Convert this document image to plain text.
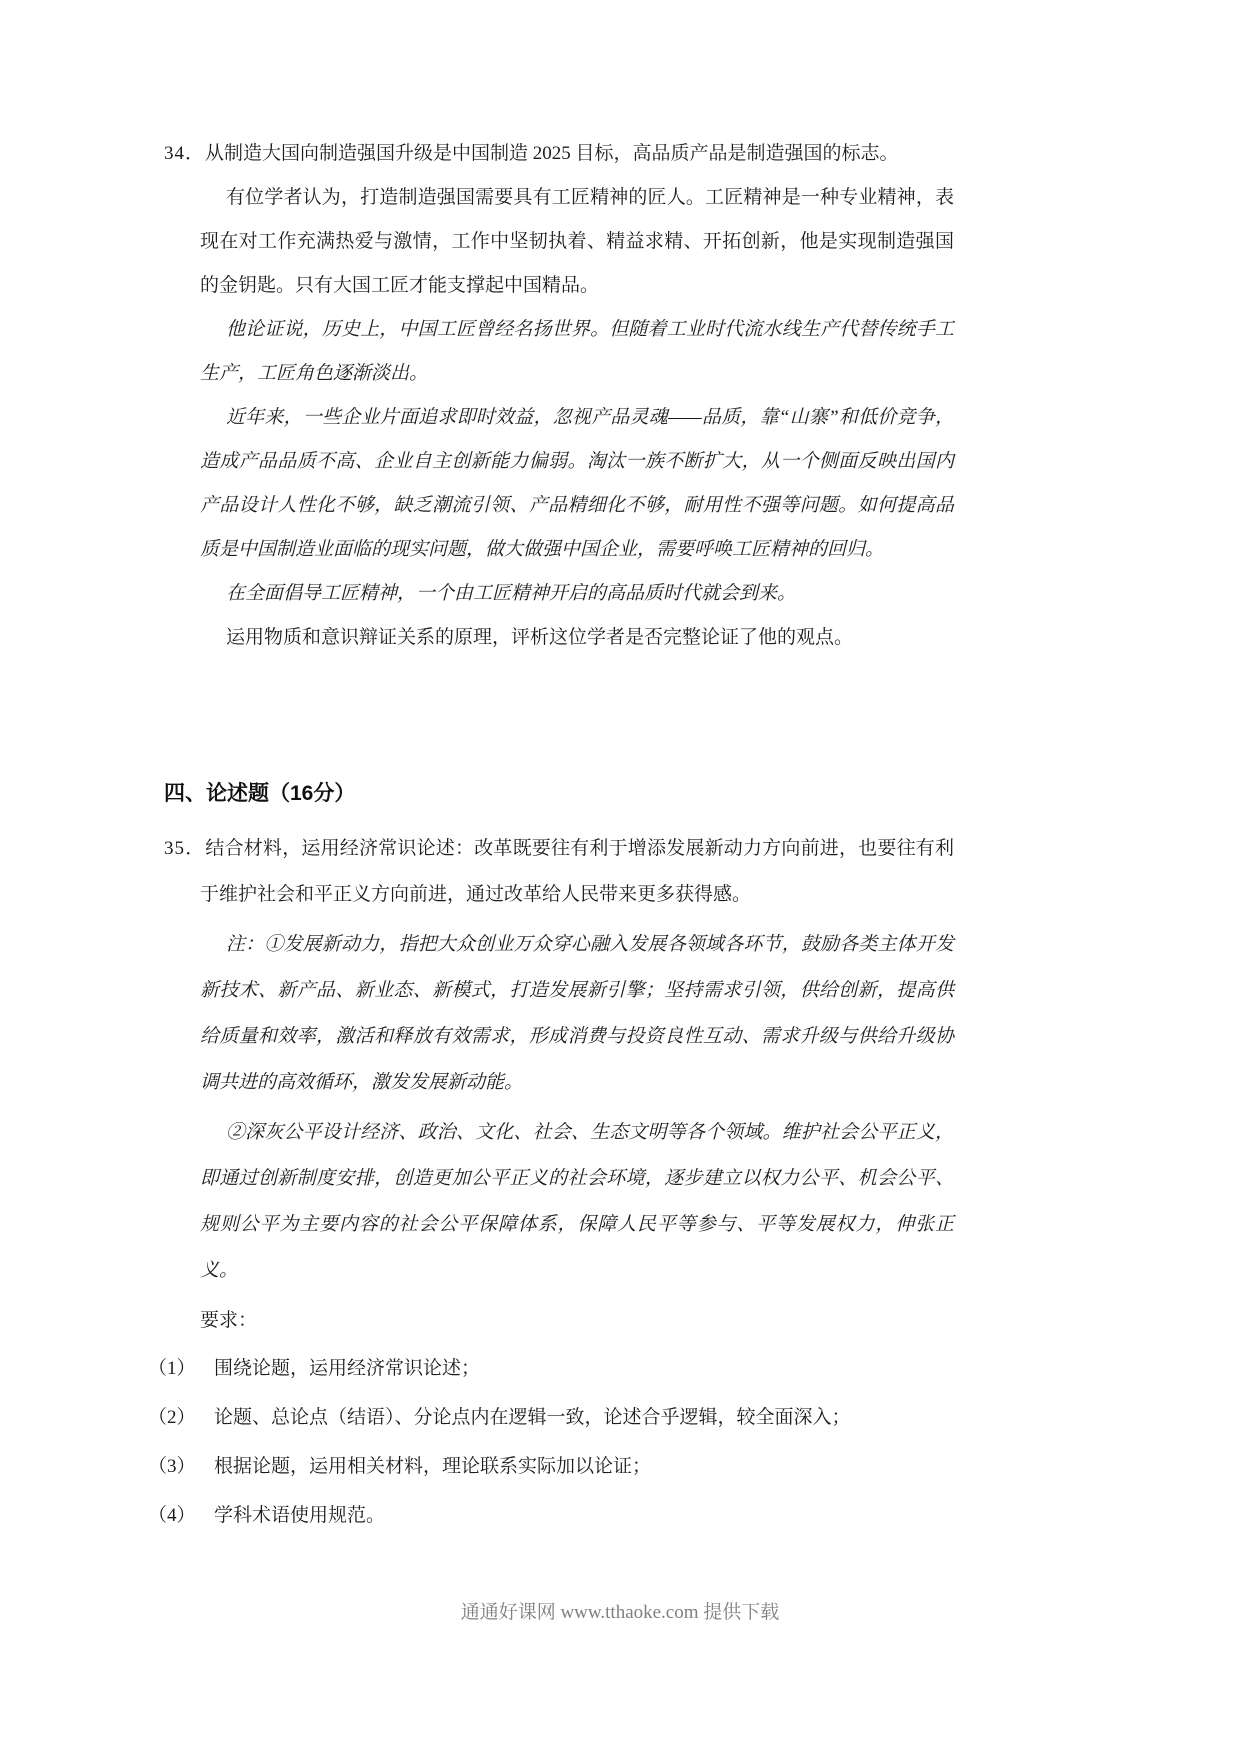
34．从制造大国向制造强国升级是中国制造 2025 目标，高品质产品是制造强国的标志。

有位学者认为，打造制造强国需要具有工匠精神的匠人。工匠精神是一种专业精神，表现在对工作充满热爱与激情，工作中坚韧执着、精益求精、开拓创新，他是实现制造强国的金钥匙。只有大国工匠才能支撑起中国精品。

他论证说，历史上，中国工匠曾经名扬世界。但随着工业时代流水线生产代替传统手工生产，工匠角色逐渐淡出。

近年来，一些企业片面追求即时效益，忽视产品灵魂——品质，靠“山寨”和低价竞争，造成产品品质不高、企业自主创新能力偏弱。淘汰一族不断扩大，从一个侧面反映出国内产品设计人性化不够，缺乏潮流引领、产品精细化不够，耐用性不强等问题。如何提高品质是中国制造业面临的现实问题，做大做强中国企业，需要呼唤工匠精神的回归。

在全面倡导工匠精神，一个由工匠精神开启的高品质时代就会到来。

运用物质和意识辩证关系的原理，评析这位学者是否完整论证了他的观点。

四、论述题（16分）

35．结合材料，运用经济常识论述：改革既要往有利于增添发展新动力方向前进，也要往有利于维护社会和平正义方向前进，通过改革给人民带来更多获得感。

注：①发展新动力，指把大众创业万众穿心融入发展各领域各环节，鼓励各类主体开发新技术、新产品、新业态、新模式，打造发展新引擎；坚持需求引领，供给创新，提高供给质量和效率，激活和释放有效需求，形成消费与投资良性互动、需求升级与供给升级协调共进的高效循环，激发发展新动能。

②深灰公平设计经济、政治、文化、社会、生态文明等各个领域。维护社会公平正义，即通过创新制度安排，创造更加公平正义的社会环境，逐步建立以权力公平、机会公平、规则公平为主要内容的社会公平保障体系，保障人民平等参与、平等发展权力，伸张正义。

要求：

（1） 围绕论题，运用经济常识论述；
（2） 论题、总论点（结语）、分论点内在逻辑一致，论述合乎逻辑，较全面深入；
（3） 根据论题，运用相关材料，理论联系实际加以论证；
（4） 学科术语使用规范。
通通好课网 www.tthaoke.com 提供下载
